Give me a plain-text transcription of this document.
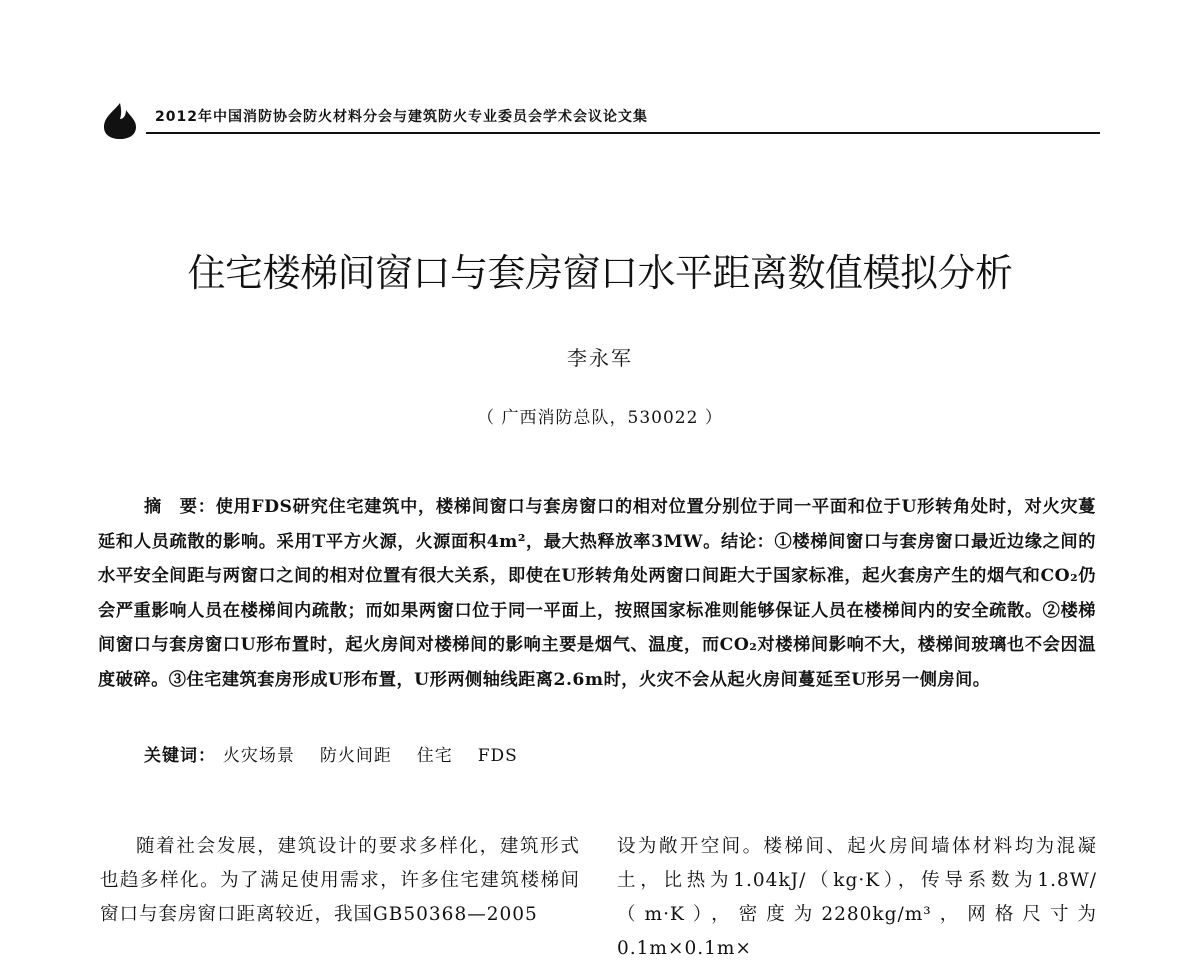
2012年中国消防协会防火材料分会与建筑防火专业委员会学术会议论文集
住宅楼梯间窗口与套房窗口水平距离数值模拟分析
李永军
（ 广西消防总队，530022 ）
摘　要：使用FDS研究住宅建筑中，楼梯间窗口与套房窗口的相对位置分别位于同一平面和位于U形转角处时，对火灾蔓延和人员疏散的影响。采用T平方火源，火源面积4m²，最大热释放率3MW。结论：①楼梯间窗口与套房窗口最近边缘之间的水平安全间距与两窗口之间的相对位置有很大关系，即使在U形转角处两窗口间距大于国家标准，起火套房产生的烟气和CO₂仍会严重影响人员在楼梯间内疏散；而如果两窗口位于同一平面上，按照国家标准则能够保证人员在楼梯间内的安全疏散。②楼梯间窗口与套房窗口U形布置时，起火房间对楼梯间的影响主要是烟气、温度，而CO₂对楼梯间影响不大，楼梯间玻璃也不会因温度破碎。③住宅建筑套房形成U形布置，U形两侧轴线距离2.6m时，火灾不会从起火房间蔓延至U形另一侧房间。
关键词： 火灾场景 防火间距 住宅 FDS
随着社会发展，建筑设计的要求多样化，建筑形式也趋多样化。为了满足使用需求，许多住宅建筑楼梯间窗口与套房窗口距离较近，我国GB50368—2005
设为敞开空间。楼梯间、起火房间墙体材料均为混凝土，比热为1.04kJ/（kg·K），传导系数为1.8W/（m·K），密度为2280kg/m³，网格尺寸为0.1m×0.1m×
